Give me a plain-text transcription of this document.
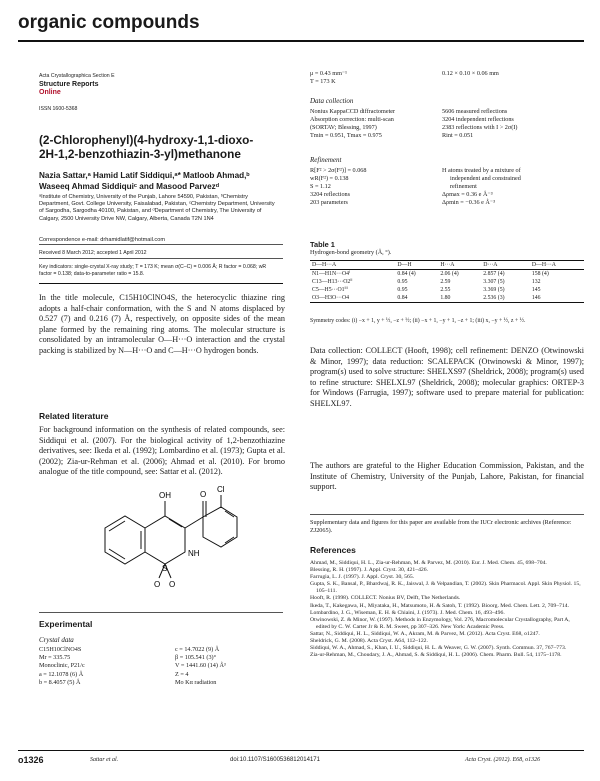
organic compounds
Acta Crystallographica Section E
Structure Reports
Online
ISSN 1600-5368
(2-Chlorophenyl)(4-hydroxy-1,1-dioxo-
2H-1,2-benzothiazin-3-yl)methanone
Nazia Sattar,ᵃ Hamid Latif Siddiqui,ᵃ* Matloob Ahmad,ᵇ
Waseeq Ahmad Siddiquiᶜ and Masood Parvezᵈ
ᵃInstitute of Chemistry, University of the Punjab, Lahore 54590, Pakistan, ᵇChemistry Department, Govt. College University, Faisalabad, Pakistan, ᶜChemistry Department, University of Sargodha, Sargodha 40100, Pakistan, and ᵈDepartment of Chemistry, The University of Calgary, 2500 University Drive NW, Calgary, Alberta, Canada T2N 1N4
Correspondence e-mail: drhamidlatif@hotmail.com
Received 8 March 2012; accepted 1 April 2012
Key indicators: single-crystal X-ray study; T = 173 K; mean σ(C–C) = 0.006 Å; R factor = 0.068; wR factor = 0.138; data-to-parameter ratio = 15.8.
In the title molecule, C15H10ClNO4S, the heterocyclic thiazine ring adopts a half-chair conformation, with the S and N atoms displaced by 0.527 (7) and 0.216 (7) Å, respectively, on opposite sides of the mean plane formed by the remaining ring atoms. The molecular structure is consolidated by an intramolecular O—H···O interaction and the crystal packing is stabilized by N—H···O and C—H···O hydrogen bonds.
Related literature
For background information on the synthesis of related compounds, see: Siddiqui et al. (2007). For the biological activity of 1,2-benzothiazine derivatives, see: Ikeda et al. (1992); Lombardino et al. (1973); Gupta et al. (2002); Zia-ur-Rehman et al. (2006); Ahmad et al. (2010). For bromo analogue of the title compound, see: Sattar et al. (2012).
OH	O
Cl
NH
S
O O
Experimental
Crystal data
C15H10ClNO4S
Mr = 335.75
Monoclinic, P21/c
a = 12.1078 (6) Å
b = 8.4057 (5) Å
c = 14.7022 (9) Å
β = 105.541 (3)°
V = 1441.60 (14) Å³
Z = 4
Mo Kα radiation
μ = 0.43 mm⁻¹
T = 173 K
0.12 × 0.10 × 0.06 mm
Data collection
Nonius KappaCCD diffractometer
Absorption correction: multi-scan
(SORTAV; Blessing, 1997)
Tmin = 0.951, Tmax = 0.975
5606 measured reflections
3204 independent reflections
2383 reflections with I > 2σ(I)
Rint = 0.051
Refinement
R[F² > 2σ(F²)] = 0.068
wR(F²) = 0.138
S = 1.12
3204 reflections
203 parameters
H atoms treated by a mixture of
independent and constrained
refinement
Δρmax = 0.36 e Å⁻³
Δρmin = −0.36 e Å⁻³
Table 1
Hydrogen-bond geometry (Å, °).
D—H···A	D—H	H···A	D···A	D—H···A
N1—H1N···O4ⁱ	0.84 (4)	2.06 (4)	2.857 (4)	158 (4)
C13—H13···O2ⁱⁱ	0.95	2.59	3.307 (5)	132
C5—H5···O1ⁱⁱⁱ	0.95	2.55	3.369 (5)	145
O3—H3O···O4	0.84	1.80	2.536 (3)	146
Symmetry codes: (i) −x + 1, y + ½, −z + ½; (ii) −x + 1, −y + 1, −z + 1; (iii) x, −y + ½, z + ½.
Data collection: COLLECT (Hooft, 1998); cell refinement: DENZO (Otwinowski & Minor, 1997); data reduction: SCALEPACK (Otwinowski & Minor, 1997); program(s) used to solve structure: SHELXS97 (Sheldrick, 2008); program(s) used to refine structure: SHELXL97 (Sheldrick, 2008); molecular graphics: ORTEP-3 for Windows (Farrugia, 1997); software used to prepare material for publication: SHELXL97.
The authors are grateful to the Higher Education Commission, Pakistan, and the Institute of Chemistry, University of the Punjab, Lahore, Pakistan, for financial support.
Supplementary data and figures for this paper are available from the IUCr electronic archives (Reference: ZJ2065).
References
Ahmad, M., Siddiqui, H. L., Zia-ur-Rehman, M. & Parvez, M. (2010). Eur. J. Med. Chem. 45, 698–704.
Blessing, R. H. (1997). J. Appl. Cryst. 30, 421–426.
Farrugia, L. J. (1997). J. Appl. Cryst. 30, 565.
Gupta, S. K., Bansal, P., Bhardwaj, R. K., Jaiswal, J. & Velpandian, T. (2002). Skin Pharmacol. Appl. Skin Physiol. 15, 105–111.
Hooft, R. (1998). COLLECT. Nonius BV, Delft, The Netherlands.
Ikeda, T., Kakegawa, H., Miyataka, H., Matsumoto, H. & Satoh, T. (1992). Bioorg. Med. Chem. Lett. 2, 709–714.
Lombardino, J. G., Wiseman, E. H. & Chiaini, J. (1973). J. Med. Chem. 16, 493–496.
Otwinowski, Z. & Minor, W. (1997). Methods in Enzymology, Vol. 276, Macromolecular Crystallography, Part A, edited by C. W. Carter Jr & R. M. Sweet, pp 307–326. New York: Academic Press.
Sattar, N., Siddiqui, H. L., Siddiqui, W. A., Akram, M. & Parvez, M. (2012). Acta Cryst. E68, o1247.
Sheldrick, G. M. (2008). Acta Cryst. A64, 112–122.
Siddiqui, W. A., Ahmad, S., Khan, I. U., Siddiqui, H. L. & Weaver, G. W. (2007). Synth. Commun. 37, 767–773.
Zia-ur-Rehman, M., Choudary, J. A., Ahmad, S. & Siddiqui, H. L. (2006). Chem. Pharm. Bull. 54, 1175–1178.
o1326	Sattar et al.	doi:10.1107/S1600536812014171	Acta Cryst. (2012). E68, o1326
